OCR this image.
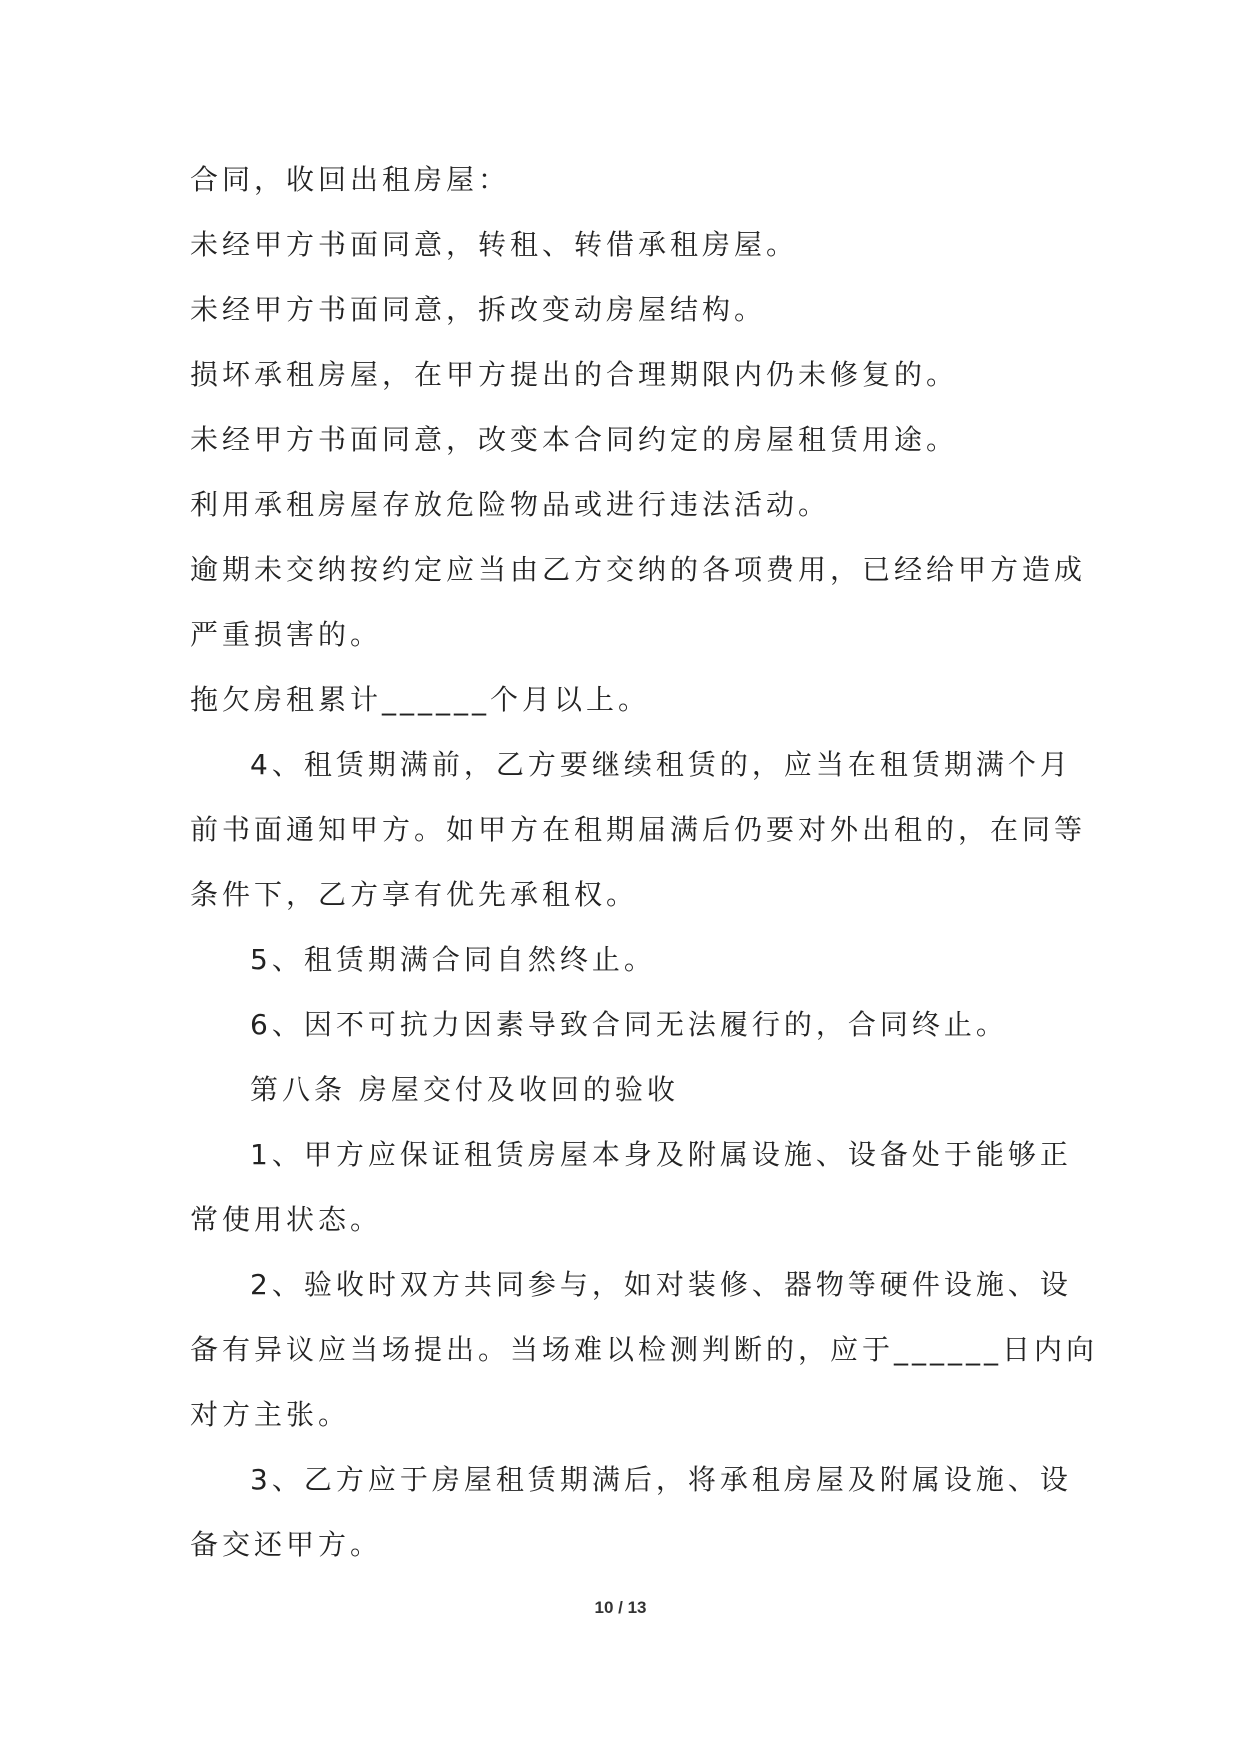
合同，收回出租房屋：
未经甲方书面同意，转租、转借承租房屋。
未经甲方书面同意，拆改变动房屋结构。
损坏承租房屋，在甲方提出的合理期限内仍未修复的。
未经甲方书面同意，改变本合同约定的房屋租赁用途。
利用承租房屋存放危险物品或进行违法活动。
逾期未交纳按约定应当由乙方交纳的各项费用，已经给甲方造成
严重损害的。
拖欠房租累计______个月以上。
4、租赁期满前，乙方要继续租赁的，应当在租赁期满个月
前书面通知甲方。如甲方在租期届满后仍要对外出租的，在同等
条件下，乙方享有优先承租权。
5、租赁期满合同自然终止。
6、因不可抗力因素导致合同无法履行的，合同终止。
第八条 房屋交付及收回的验收
1、甲方应保证租赁房屋本身及附属设施、设备处于能够正
常使用状态。
2、验收时双方共同参与，如对装修、器物等硬件设施、设
备有异议应当场提出。当场难以检测判断的，应于______日内向
对方主张。
3、乙方应于房屋租赁期满后，将承租房屋及附属设施、设
备交还甲方。
10 / 13
